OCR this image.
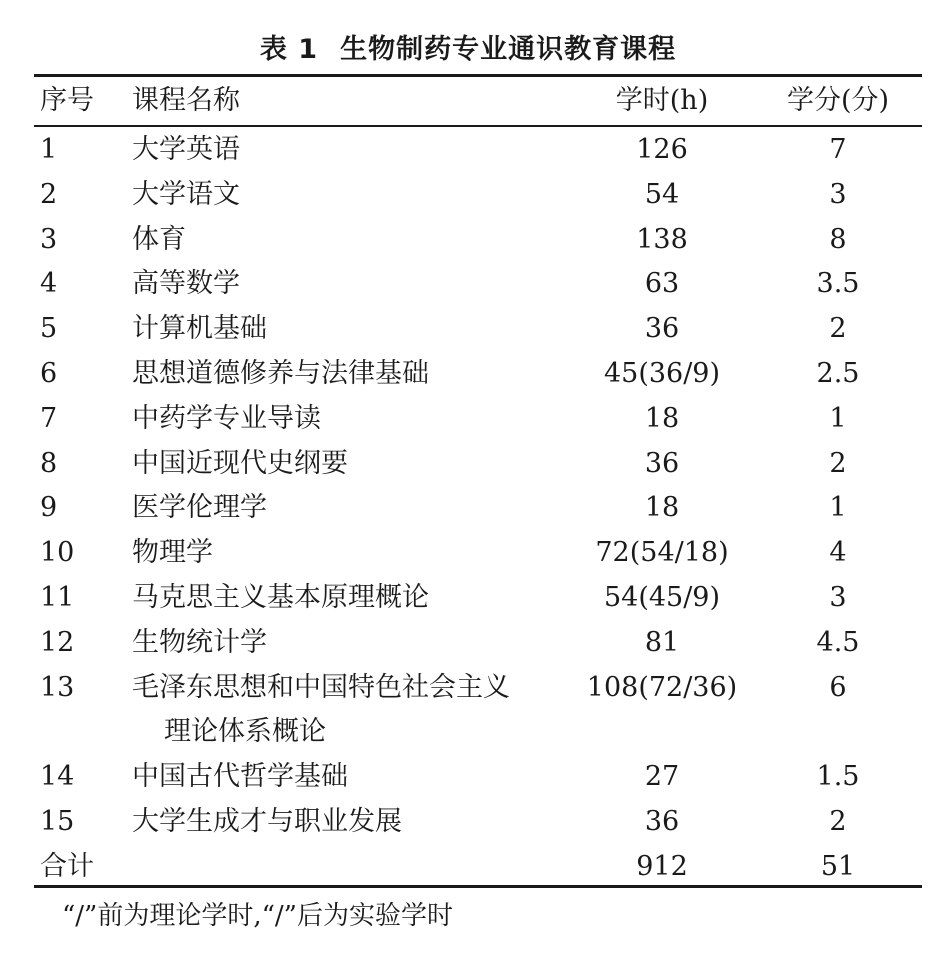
表 1 生物制药专业通识教育课程
序号 课程名称	学时(h)	学分(分)
1	大学英语	126	7
2	大学语文	54	3
3	体育	138	8
4	高等数学	63	3.5
5	计算机基础	36	2
6	思想道德修养与法律基础	45(36/9)	2.5
7	中药学专业导读	18	1
8	中国近现代史纲要	36	2
9	医学伦理学	18	1
10 物理学	72(54/18)	4
11 马克思主义基本原理概论	54(45/9)	3
12 生物统计学	81	4.5
13 毛泽东思想和中国特色社会主义
理论体系概论
108(72/36)	6
14 中国古代哲学基础	27	1.5
15 大学生成才与职业发展	36	2
合计	912	51
“/”前为理论学时,“/”后为实验学时
